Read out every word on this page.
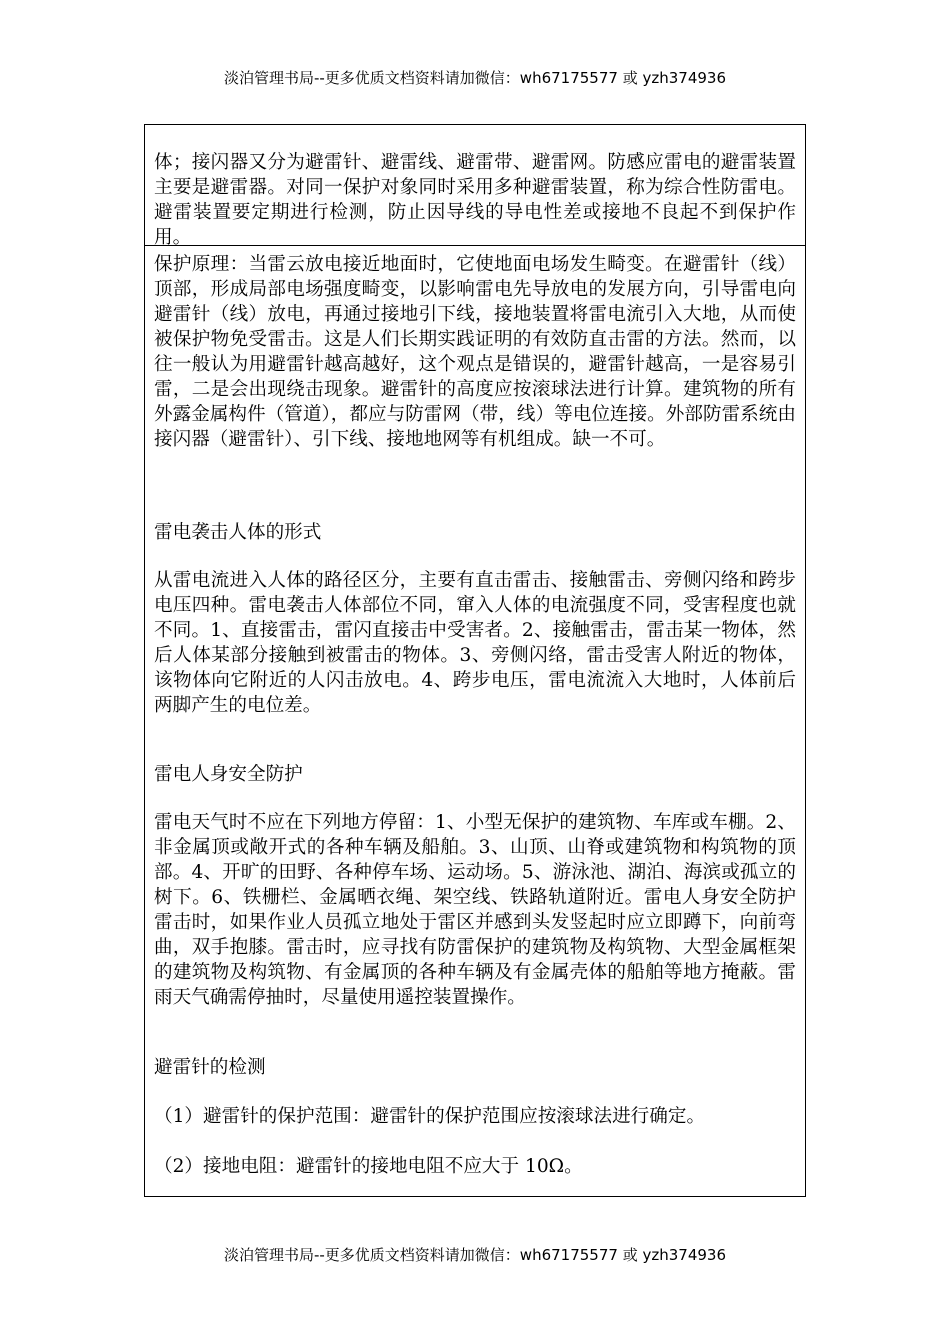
淡泊管理书局--更多优质文档资料请加微信：wh67175577 或 yzh374936

体；接闪器又分为避雷针、避雷线、避雷带、避雷网。防感应雷电的避雷装置主要是避雷器。对同一保护对象同时采用多种避雷装置，称为综合性防雷电。避雷装置要定期进行检测，防止因导线的导电性差或接地不良起不到保护作用。

保护原理：当雷云放电接近地面时，它使地面电场发生畸变。在避雷针（线）顶部，形成局部电场强度畸变，以影响雷电先导放电的发展方向，引导雷电向避雷针（线）放电，再通过接地引下线，接地装置将雷电流引入大地，从而使被保护物免受雷击。这是人们长期实践证明的有效防直击雷的方法。然而，以往一般认为用避雷针越高越好，这个观点是错误的，避雷针越高，一是容易引雷，二是会出现绕击现象。避雷针的高度应按滚球法进行计算。建筑物的所有外露金属构件（管道），都应与防雷网（带，线）等电位连接。外部防雷系统由接闪器（避雷针）、引下线、接地地网等有机组成。缺一不可。

雷电袭击人体的形式

从雷电流进入人体的路径区分，主要有直击雷击、接触雷击、旁侧闪络和跨步电压四种。雷电袭击人体部位不同，窜入人体的电流强度不同，受害程度也就不同。1、直接雷击，雷闪直接击中受害者。2、接触雷击，雷击某一物体，然后人体某部分接触到被雷击的物体。3、旁侧闪络，雷击受害人附近的物体，该物体向它附近的人闪击放电。4、跨步电压，雷电流流入大地时，人体前后两脚产生的电位差。

雷电人身安全防护

雷电天气时不应在下列地方停留：1、小型无保护的建筑物、车库或车棚。2、非金属顶或敞开式的各种车辆及船舶。3、山顶、山脊或建筑物和构筑物的顶部。4、开旷的田野、各种停车场、运动场。5、游泳池、湖泊、海滨或孤立的树下。6、铁栅栏、金属晒衣绳、架空线、铁路轨道附近。雷电人身安全防护雷击时，如果作业人员孤立地处于雷区并感到头发竖起时应立即蹲下，向前弯曲，双手抱膝。雷击时，应寻找有防雷保护的建筑物及构筑物、大型金属框架的建筑物及构筑物、有金属顶的各种车辆及有金属壳体的船舶等地方掩蔽。雷雨天气确需停抽时，尽量使用遥控装置操作。

避雷针的检测

（1）避雷针的保护范围：避雷针的保护范围应按滚球法进行确定。

（2）接地电阻：避雷针的接地电阻不应大于 10Ω。

淡泊管理书局--更多优质文档资料请加微信：wh67175577 或 yzh374936
